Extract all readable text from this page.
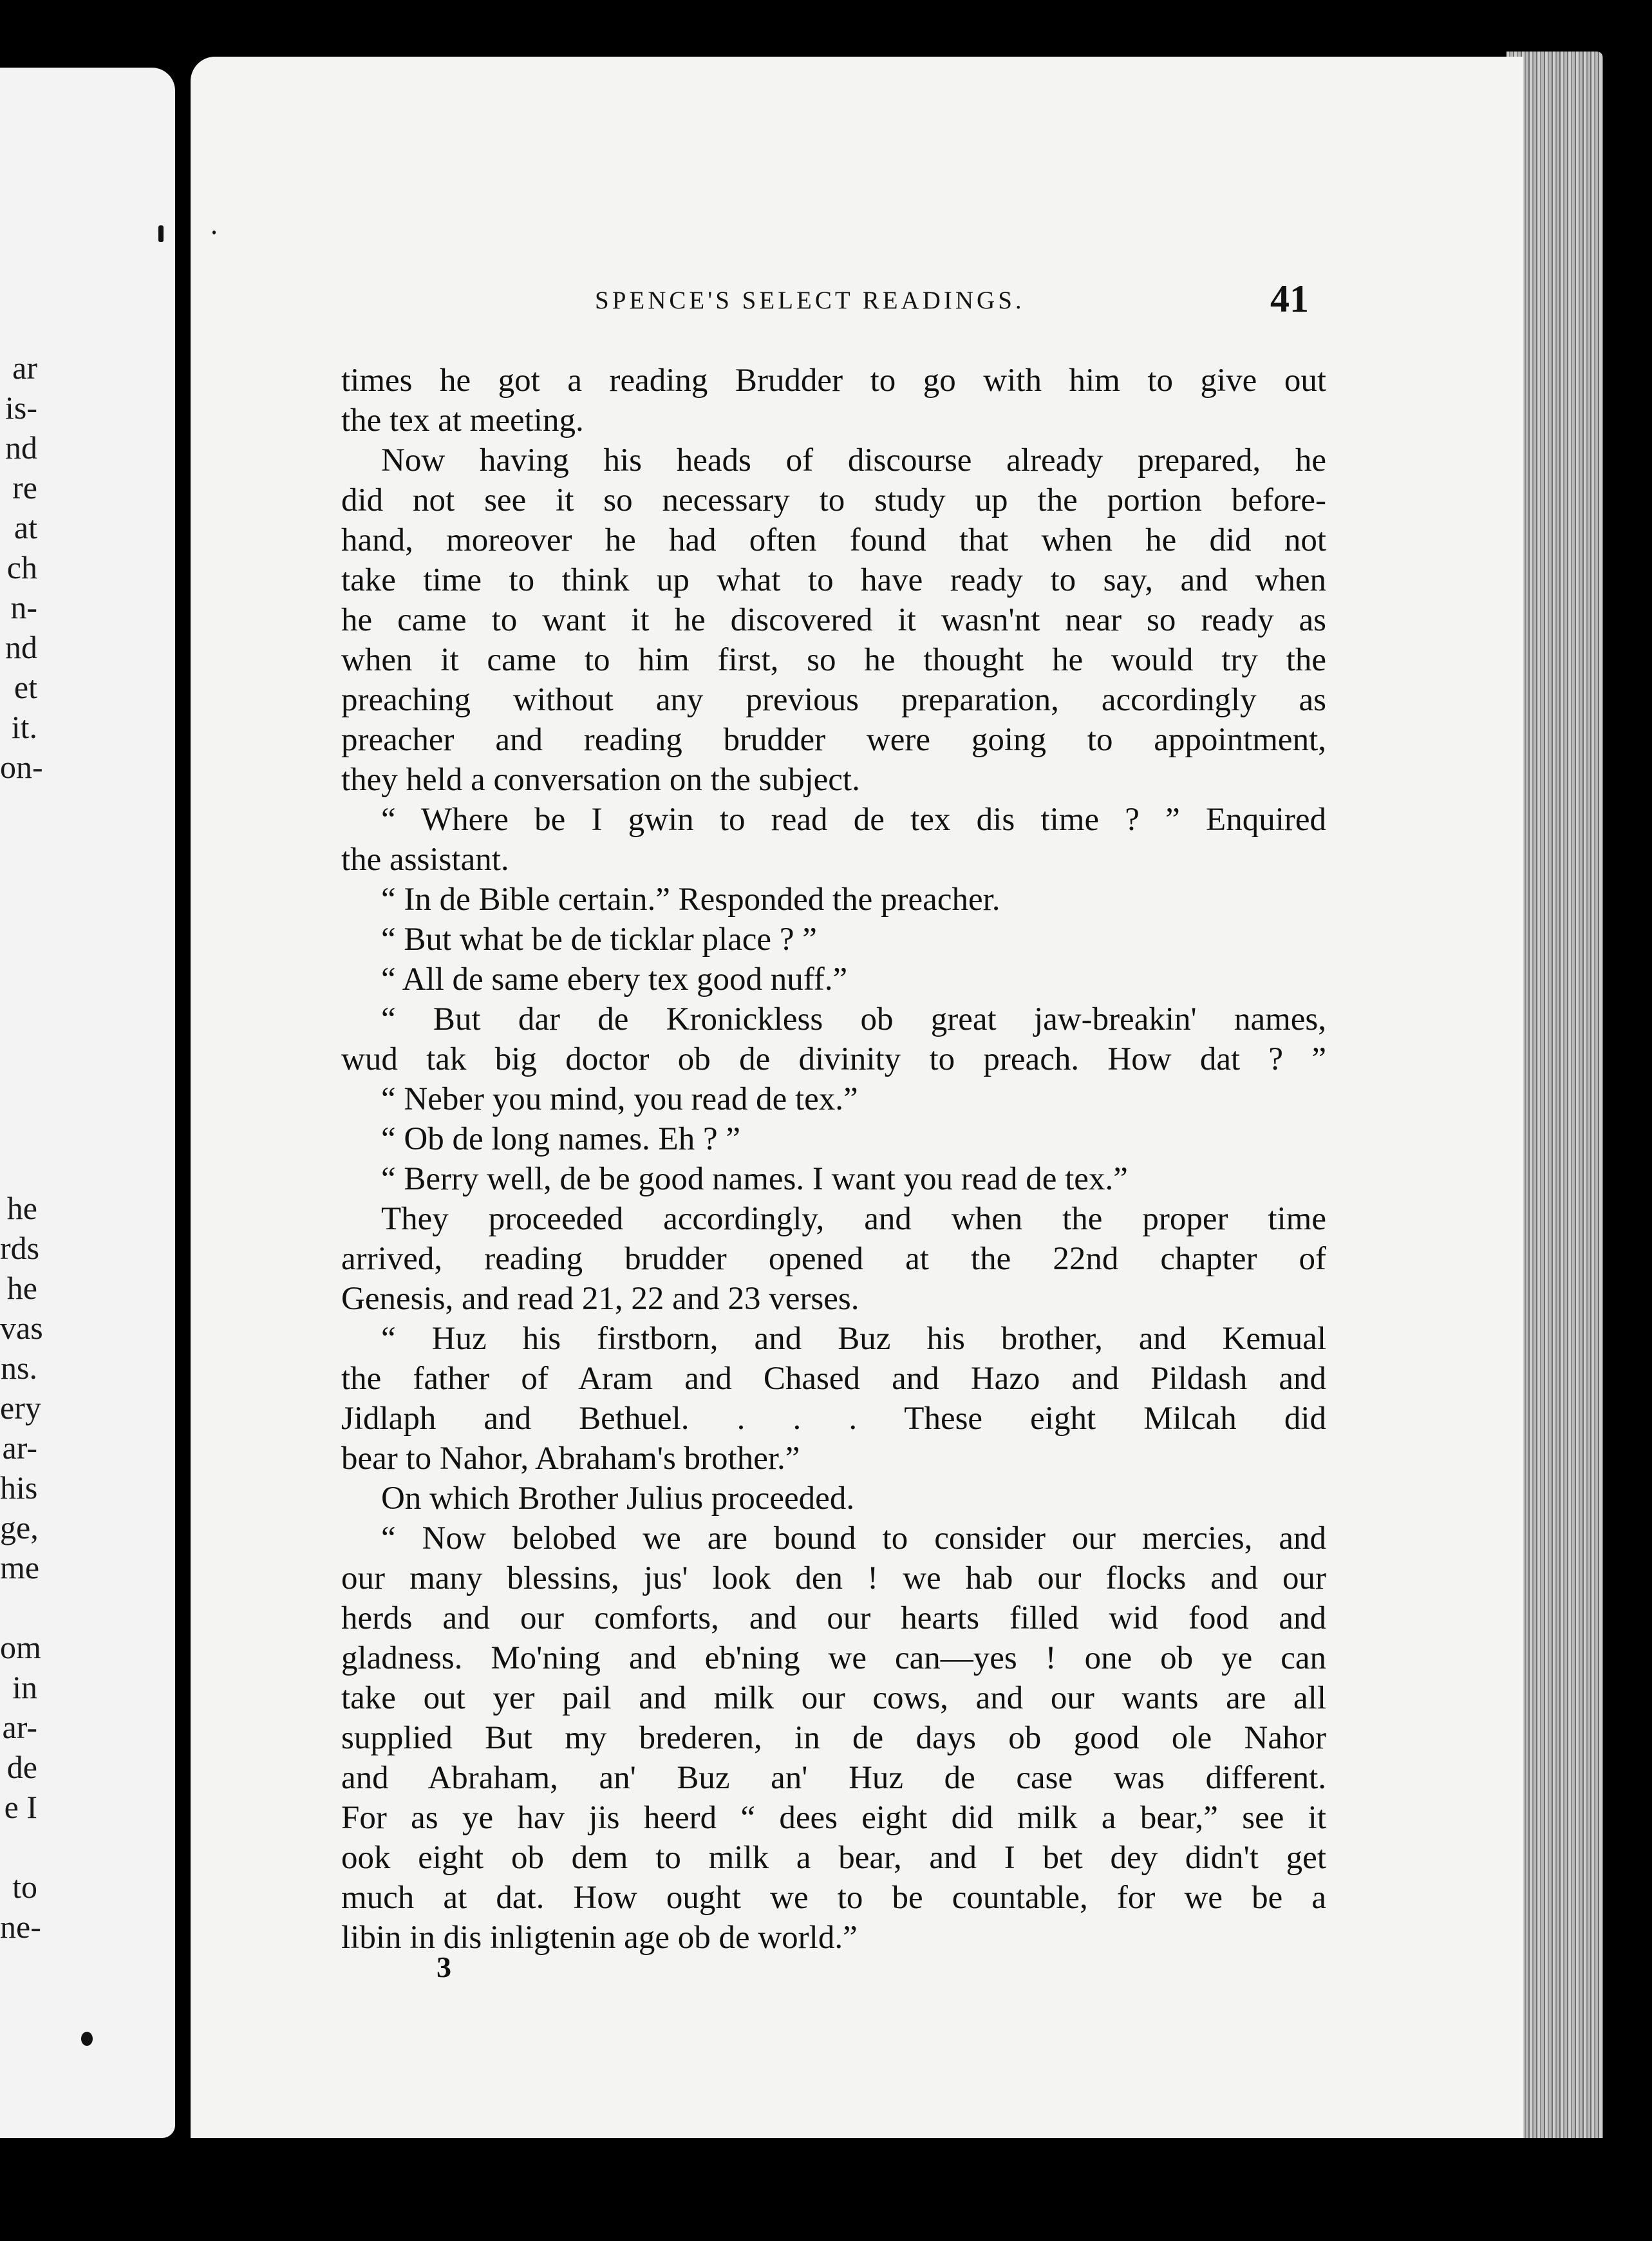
ar
is-
nd
re
at
ch
n-
nd
et
it.
on-
he
rds
he
vas
ns.
ery
ar-
his
ge,
me
om
in
ar-
de
e I
to
ne-
SPENCE'S SELECT READINGS.	41
times he got a reading Brudder to go with him to give out
the tex at meeting.
Now having his heads of discourse already prepared, he
did not see it so necessary to study up the portion before-
hand, moreover he had often found that when he did not
take time to think up what to have ready to say, and when
he came to want it he discovered it wasn'nt near so ready as
when it came to him first, so he thought he would try the
preaching without any previous preparation, accordingly as
preacher and reading brudder were going to appointment,
they held a conversation on the subject.
“ Where be I gwin to read de tex dis time ? ” Enquired
the assistant.
“ In de Bible certain.” Responded the preacher.
“ But what be de ticklar place ? ”
“ All de same ebery tex good nuff.”
“ But dar de Kronickless ob great jaw-breakin' names,
wud tak big doctor ob de divinity to preach. How dat ? ”
“ Neber you mind, you read de tex.”
“ Ob de long names. Eh ? ”
“ Berry well, de be good names. I want you read de tex.”
They proceeded accordingly, and when the proper time
arrived, reading brudder opened at the 22nd chapter of
Genesis, and read 21, 22 and 23 verses.
“ Huz his firstborn, and Buz his brother, and Kemual
the father of Aram and Chased and Hazo and Pildash and
Jidlaph and Bethuel. . . . These eight Milcah did
bear to Nahor, Abraham's brother.”
On which Brother Julius proceeded.
“ Now belobed we are bound to consider our mercies, and
our many blessins, jus' look den ! we hab our flocks and our
herds and our comforts, and our hearts filled wid food and
gladness. Mo'ning and eb'ning we can—yes ! one ob ye can
take out yer pail and milk our cows, and our wants are all
supplied But my brederen, in de days ob good ole Nahor
and Abraham, an' Buz an' Huz de case was different.
For as ye hav jis heerd “ dees eight did milk a bear,” see it
ook eight ob dem to milk a bear, and I bet dey didn't get
much at dat. How ought we to be countable, for we be a
libin in dis inligtenin age ob de world.”
3
